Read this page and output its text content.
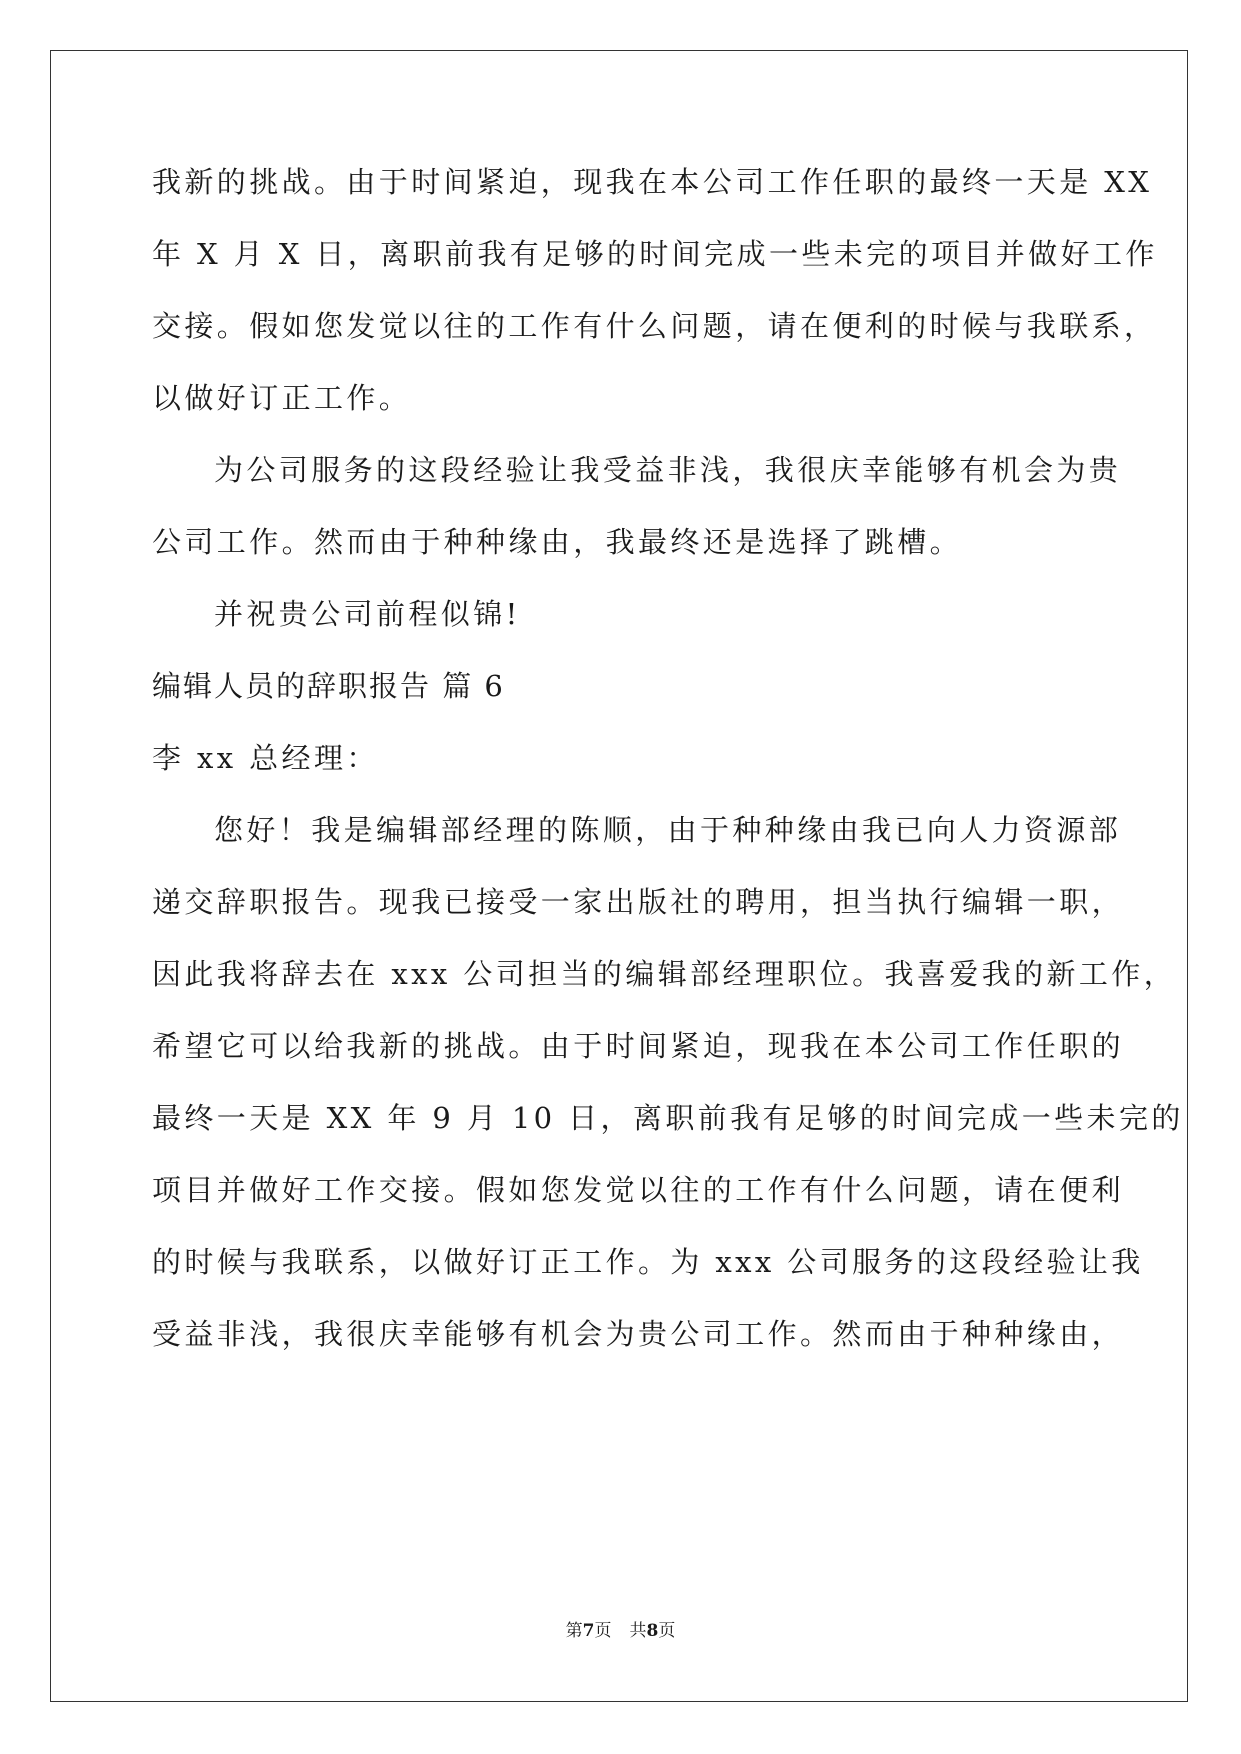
我新的挑战。由于时间紧迫，现我在本公司工作任职的最终一天是 XX
年 X 月 X 日，离职前我有足够的时间完成一些未完的项目并做好工作
交接。假如您发觉以往的工作有什么问题，请在便利的时候与我联系，
以做好订正工作。
为公司服务的这段经验让我受益非浅，我很庆幸能够有机会为贵
公司工作。然而由于种种缘由，我最终还是选择了跳槽。
并祝贵公司前程似锦!
编辑人员的辞职报告 篇 6
李 xx 总经理：
您好！我是编辑部经理的陈顺，由于种种缘由我已向人力资源部
递交辞职报告。现我已接受一家出版社的聘用，担当执行编辑一职，
因此我将辞去在 xxx 公司担当的编辑部经理职位。我喜爱我的新工作，
希望它可以给我新的挑战。由于时间紧迫，现我在本公司工作任职的
最终一天是 XX 年 9 月 10 日，离职前我有足够的时间完成一些未完的
项目并做好工作交接。假如您发觉以往的工作有什么问题，请在便利
的时候与我联系，以做好订正工作。为 xxx 公司服务的这段经验让我
受益非浅，我很庆幸能够有机会为贵公司工作。然而由于种种缘由，
第7页 共8页
